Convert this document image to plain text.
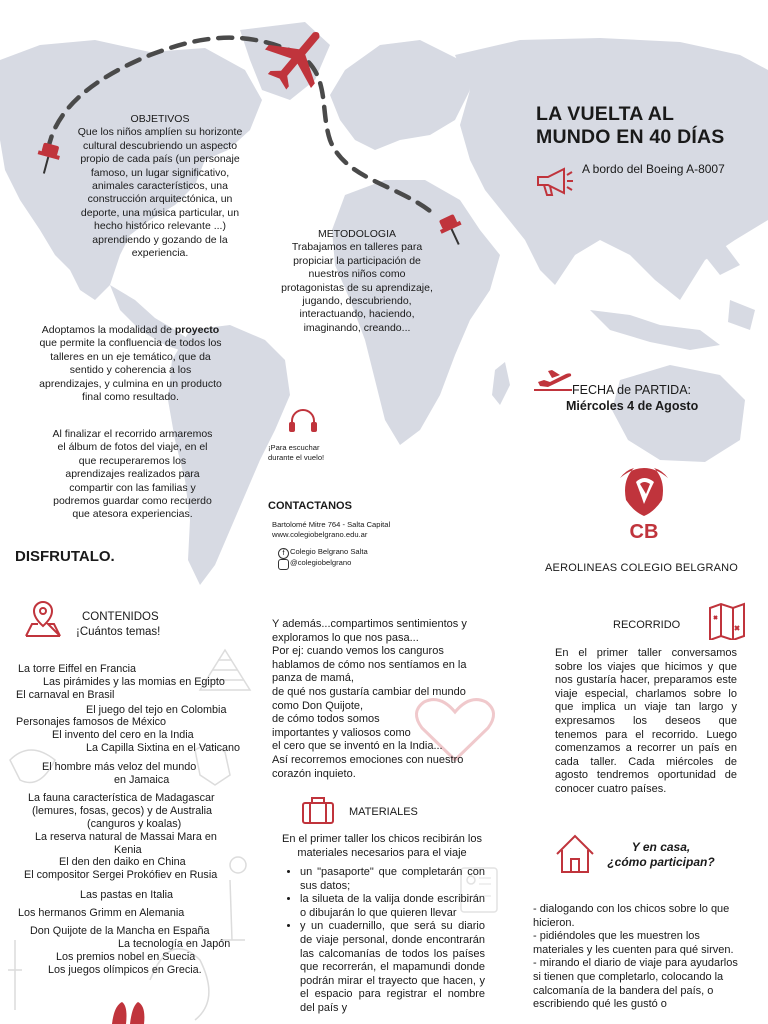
LA VUELTA AL
MUNDO EN 40 DÍAS
A bordo del Boeing A-8007
OBJETIVOS
Que los niños amplíen su horizonte
cultural descubriendo un aspecto
propio de cada país (un personaje
famoso, un lugar significativo,
animales característicos, una
construcción arquitectónica, un
deporte, una música particular, un
hecho histórico relevante ...)
aprendiendo y gozando de la
experiencia.
METODOLOGIA
Trabajamos en talleres para
propiciar la participación de
nuestros niños como
protagonistas de su aprendizaje,
jugando, descubriendo,
interactuando, haciendo,
imaginando, creando...
Adoptamos la modalidad de proyecto que permite la confluencia de todos los talleres en un eje temático, que da sentido y coherencia a los aprendizajes, y culmina en un producto final como resultado.
Al finalizar el recorrido armaremos el álbum de fotos del viaje, en el que recuperaremos los aprendizajes realizados para compartir con las familias y podremos guardar como recuerdo que atesora experiencias.
¡Para escuchar
durante el vuelo!
FECHA de PARTIDA:
Miércoles 4 de Agosto
CB
AEROLINEAS COLEGIO BELGRANO
CONTACTANOS
Bartolomé Mitre 764 - Salta Capital
www.colegiobelgrano.edu.ar
f Colegio Belgrano Salta
@colegiobelgrano
DISFRUTALO.
CONTENIDOS
¡Cuántos temas!
La torre Eiffel en Francia
Las pirámides y las momias en Egipto
El carnaval en Brasil
El juego del tejo en Colombia
Personajes famosos de México
El invento del cero en la India
La Capilla Sixtina en el Vaticano
El hombre más veloz del mundo
en Jamaica
La fauna característica de Madagascar
(lemures, fosas, gecos) y de Australia
(canguros y koalas)
La reserva natural de Massai Mara en
Kenia
El den den daiko en China
El compositor Sergei Prokófiev en Rusia
Las pastas en Italia
Los hermanos Grimm en Alemania
Don Quijote de la Mancha en España
La tecnología en Japón
Los premios nobel en Suecia
Los juegos olímpicos en Grecia.
Y además...compartimos sentimientos y
exploramos lo que nos pasa...
Por ej: cuando vemos los canguros
hablamos de cómo nos sentíamos en la
panza de mamá,
de qué nos gustaría cambiar del mundo
como Don Quijote,
de cómo todos somos
importantes y valiosos como
el cero que se inventó en la India...
Así recorremos emociones con nuestro
corazón inquieto.
MATERIALES
En el primer taller los chicos recibirán los materiales necesarios para el viaje
• un "pasaporte" que completarán con sus datos;
• la silueta de la valija donde escribirán o dibujarán lo que quieren llevar
• y un cuadernillo, que será su diario de viaje personal, donde encontrarán las calcomanías de todos los países que recorrerán, el mapamundi donde podrán mirar el trayecto que hacen, y el espacio para registrar el nombre del país y
RECORRIDO
En el primer taller conversamos sobre los viajes que hicimos y que nos gustaría hacer, preparamos este viaje especial, charlamos sobre lo que implica un viaje tan largo y expresamos los deseos que tenemos para el recorrido. Luego comenzamos a recorrer un país en cada taller. Cada miércoles de agosto tendremos oportunidad de conocer cuatro países.
Y en casa,
¿cómo participan?
- dialogando con los chicos sobre lo que hicieron.
- pidiéndoles que les muestren los materiales y les cuenten para qué sirven.
- mirando el diario de viaje para ayudarlos si tienen que completarlo, colocando la calcomanía de la bandera del país, o escribiendo qué les gustó o
